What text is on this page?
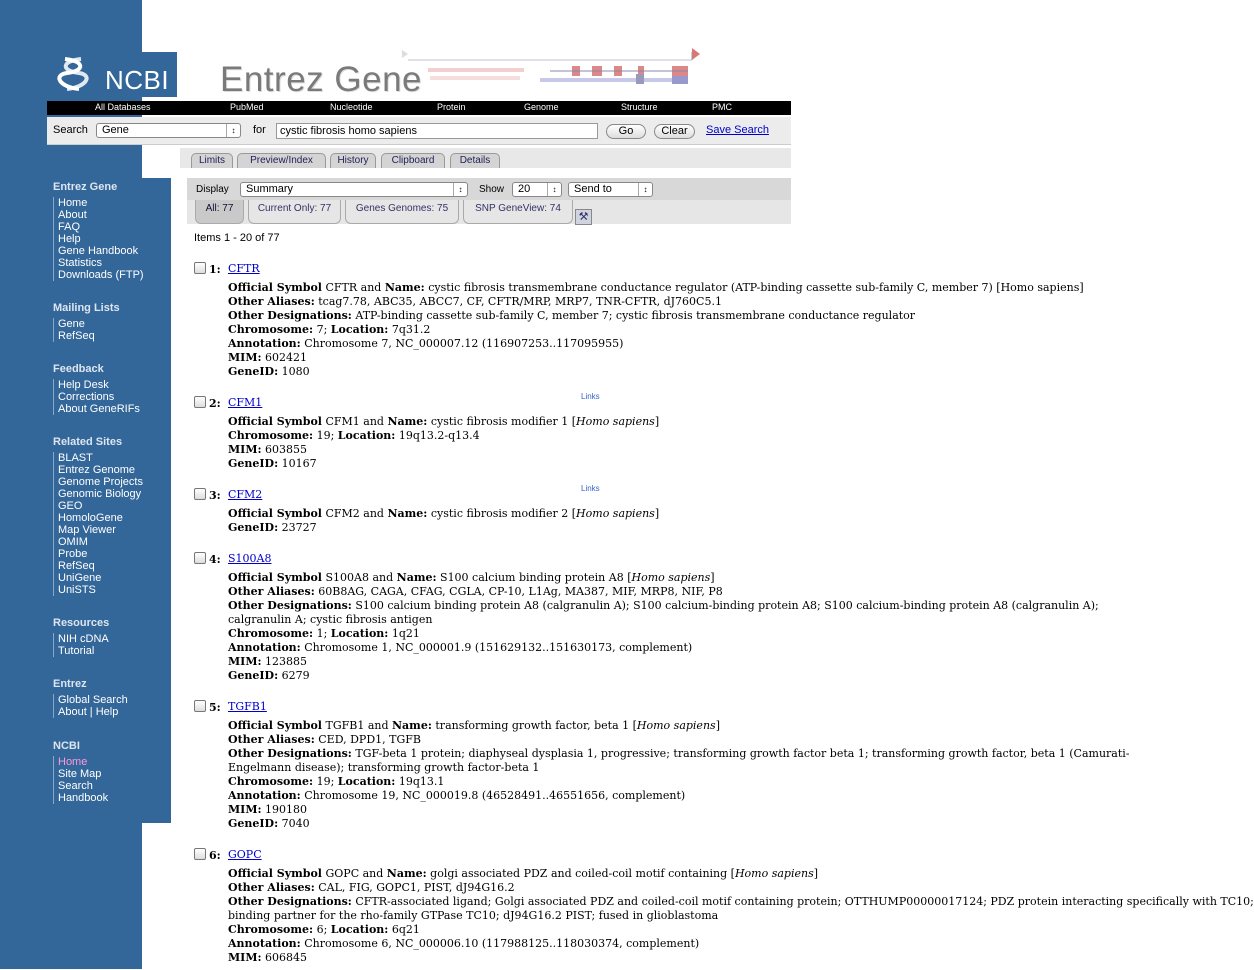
NCBI Entrez Gene
All Databases	PubMed	Nucleotide	Protein	Genome	Structure	PMC
Search	Gene	↕	for	cystic fibrosis homo sapiens	Go	Clear	Save Search
Limits	Preview/Index	History	Clipboard	Details
Entrez Gene
Home
About
FAQ
Help
Gene Handbook
Statistics
Downloads (FTP)
Mailing Lists
Gene
RefSeq
Feedback
Help Desk
Corrections
About GeneRIFs
Related Sites
BLAST
Entrez Genome
Genome Projects
Genomic Biology
GEO
HomoloGene
Map Viewer
OMIM
Probe
RefSeq
UniGene
UniSTS
Resources
NIH cDNA
Tutorial
Entrez
Global Search
About | Help
NCBI
Home
Site Map
Search
Handbook
Display	Summary	↕	Show	20	↕	Send to	↕
All: 77	Current Only: 77	Genes Genomes: 75	SNP GeneView: 74
⚒
Items 1 - 20 of 77
1: CFTR
Official Symbol CFTR and Name: cystic fibrosis transmembrane conductance regulator (ATP-binding cassette sub-family C, member 7) [Homo sapiens]
Other Aliases: tcag7.78, ABC35, ABCC7, CF, CFTR/MRP, MRP7, TNR-CFTR, dJ760C5.1
Other Designations: ATP-binding cassette sub-family C, member 7; cystic fibrosis transmembrane conductance regulator
Chromosome: 7; Location: 7q31.2
Annotation: Chromosome 7, NC_000007.12 (116907253..117095955)
MIM: 602421
GeneID: 1080
2: CFM1	Links
Official Symbol CFM1 and Name: cystic fibrosis modifier 1 [Homo sapiens]
Chromosome: 19; Location: 19q13.2-q13.4
MIM: 603855
GeneID: 10167
3: CFM2	Links
Official Symbol CFM2 and Name: cystic fibrosis modifier 2 [Homo sapiens]
GeneID: 23727
4: S100A8
Official Symbol S100A8 and Name: S100 calcium binding protein A8 [Homo sapiens]
Other Aliases: 60B8AG, CAGA, CFAG, CGLA, CP-10, L1Ag, MA387, MIF, MRP8, NIF, P8
Other Designations: S100 calcium binding protein A8 (calgranulin A); S100 calcium-binding protein A8; S100 calcium-binding protein A8 (calgranulin A);
calgranulin A; cystic fibrosis antigen
Chromosome: 1; Location: 1q21
Annotation: Chromosome 1, NC_000001.9 (151629132..151630173, complement)
MIM: 123885
GeneID: 6279
5: TGFB1
Official Symbol TGFB1 and Name: transforming growth factor, beta 1 [Homo sapiens]
Other Aliases: CED, DPD1, TGFB
Other Designations: TGF-beta 1 protein; diaphyseal dysplasia 1, progressive; transforming growth factor beta 1; transforming growth factor, beta 1 (Camurati-
Engelmann disease); transforming growth factor-beta 1
Chromosome: 19; Location: 19q13.1
Annotation: Chromosome 19, NC_000019.8 (46528491..46551656, complement)
MIM: 190180
GeneID: 7040
6: GOPC
Official Symbol GOPC and Name: golgi associated PDZ and coiled-coil motif containing [Homo sapiens]
Other Aliases: CAL, FIG, GOPC1, PIST, dJ94G16.2
Other Designations: CFTR-associated ligand; Golgi associated PDZ and coiled-coil motif containing protein; OTTHUMP00000017124; PDZ protein interacting specifically with TC10;
binding partner for the rho-family GTPase TC10; dJ94G16.2 PIST; fused in glioblastoma
Chromosome: 6; Location: 6q21
Annotation: Chromosome 6, NC_000006.10 (117988125..118030374, complement)
MIM: 606845
